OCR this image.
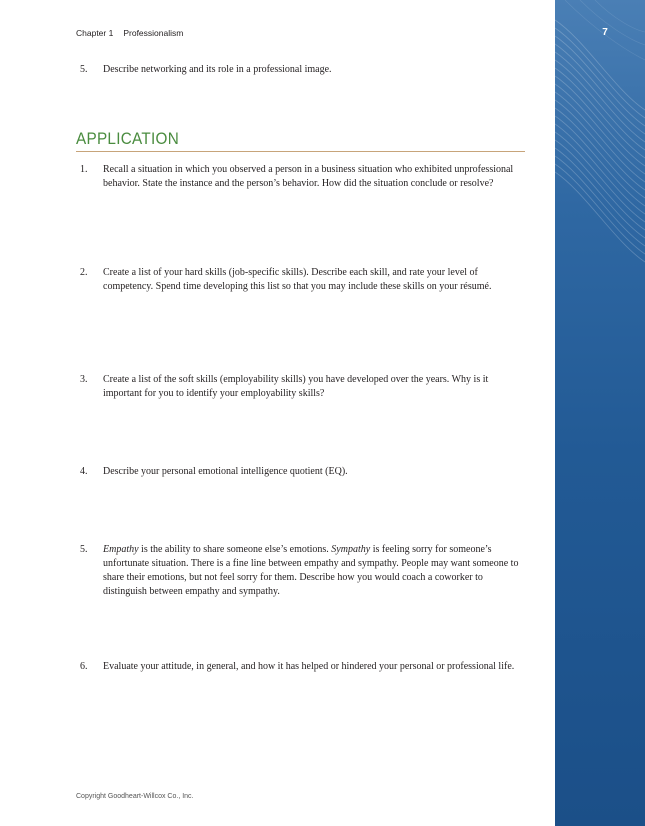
7
Chapter 1 Professionalism
5.	Describe networking and its role in a professional image.
APPLICATION
1.	Recall a situation in which you observed a person in a business situation who exhibited unprofessional behavior. State the instance and the person’s behavior. How did the situation conclude or resolve?
2.	Create a list of your hard skills (job-specific skills). Describe each skill, and rate your level of competency. Spend time developing this list so that you may include these skills on your résumé.
3.	Create a list of the soft skills (employability skills) you have developed over the years. Why is it important for you to identify your employability skills?
4.	Describe your personal emotional intelligence quotient (EQ).
5.	Empathy is the ability to share someone else’s emotions. Sympathy is feeling sorry for someone’s unfortunate situation. There is a fine line between empathy and sympathy. People may want someone to share their emotions, but not feel sorry for them. Describe how you would coach a coworker to distinguish between empathy and sympathy.
6.	Evaluate your attitude, in general, and how it has helped or hindered your personal or professional life.
Copyright Goodheart-Willcox Co., Inc.
